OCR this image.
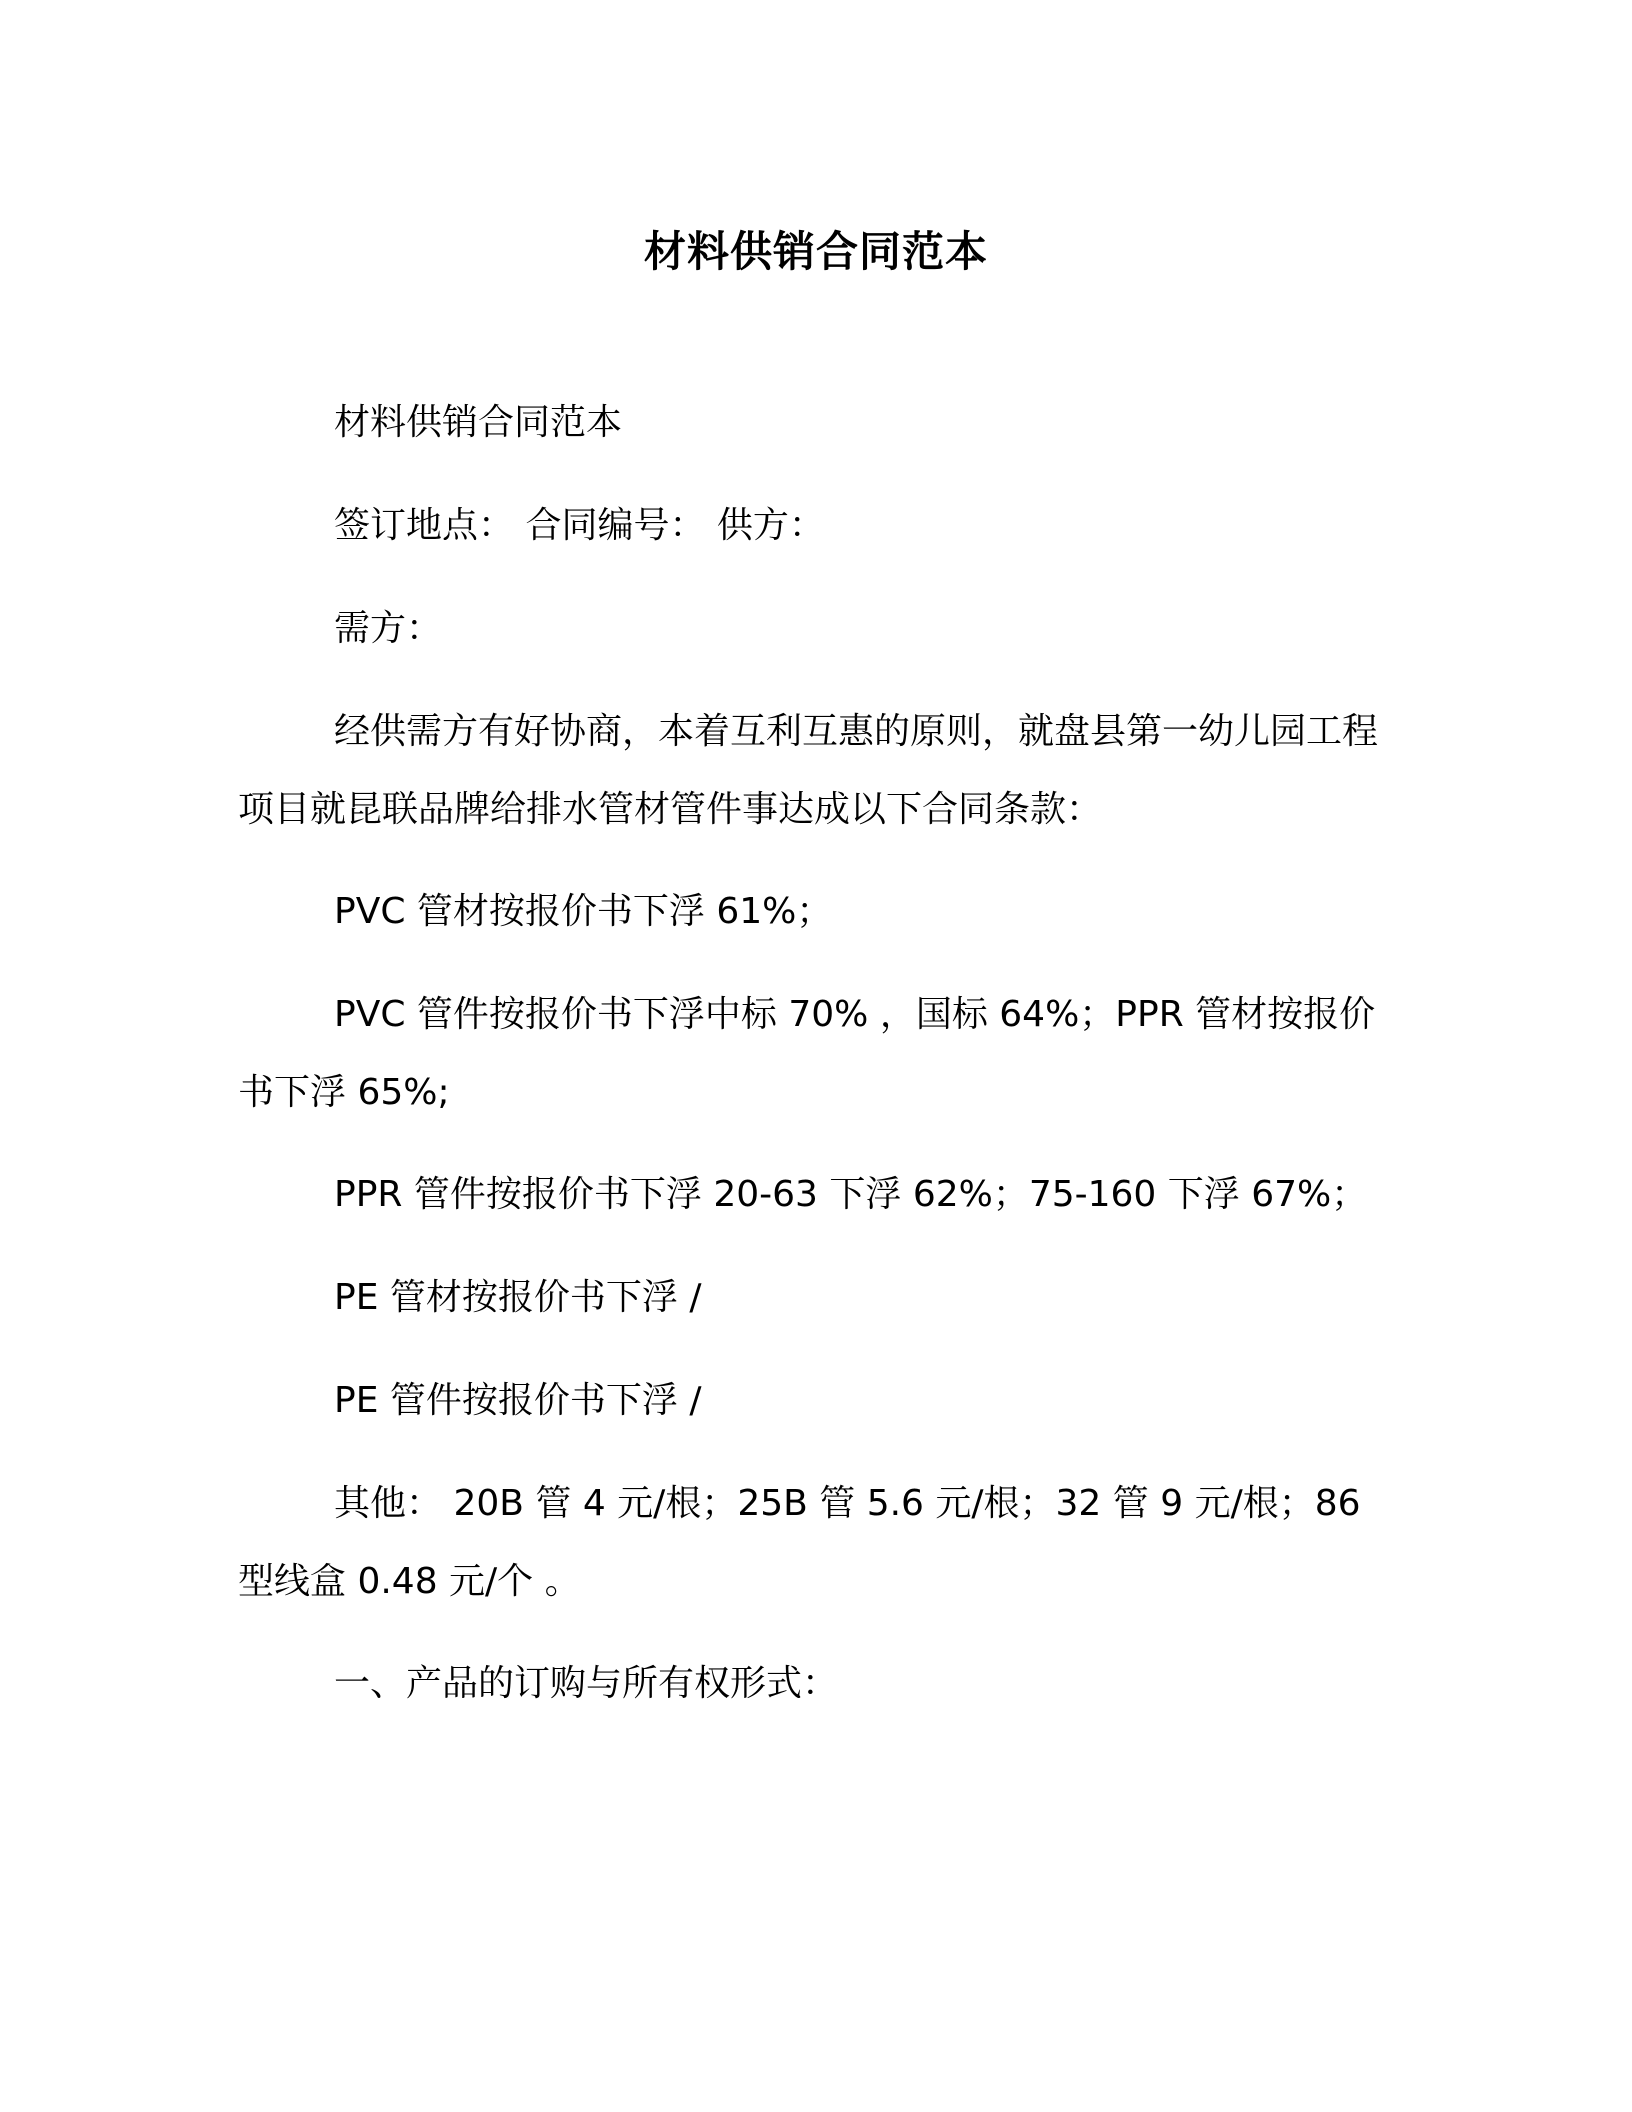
材料供销合同范本

材料供销合同范本

签订地点： 合同编号： 供方：

需方：

经供需方有好协商，本着互利互惠的原则，就盘县第一幼儿园工程项目就昆联品牌给排水管材管件事达成以下合同条款：

PVC 管材按报价书下浮 61%；

PVC 管件按报价书下浮中标 70% ，国标 64%；PPR 管材按报价书下浮 65%;

PPR 管件按报价书下浮 20-63 下浮 62%；75-160 下浮 67%；

PE 管材按报价书下浮 /

PE 管件按报价书下浮 /

其他： 20B 管 4 元/根；25B 管 5.6 元/根；32 管 9 元/根；86 型线盒 0.48 元/个 。

一、产品的订购与所有权形式：
